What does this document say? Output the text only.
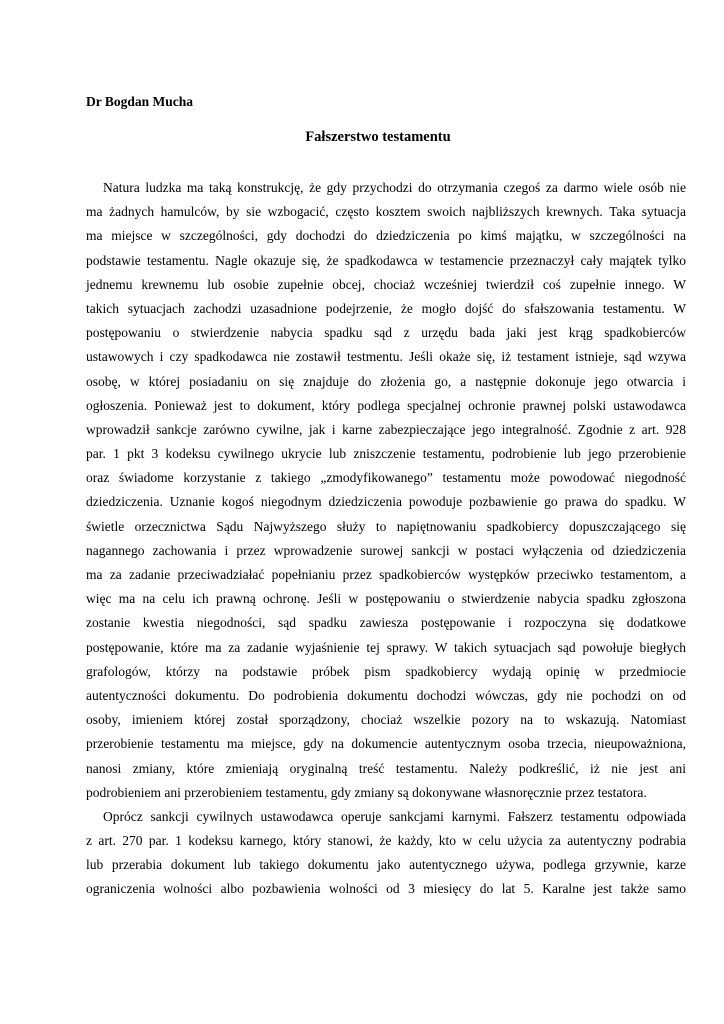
Dr Bogdan Mucha
Fałszerstwo testamentu
Natura ludzka ma taką konstrukcję, że gdy przychodzi do otrzymania czegoś za darmo wiele osób nie
ma żadnych hamulców, by sie wzbogacić, często kosztem swoich najbliższych krewnych. Taka sytuacja
ma miejsce w szczególności, gdy dochodzi do dziedziczenia po kimś majątku, w szczególności na
podstawie testamentu. Nagle okazuje się, że spadkodawca w testamencie przeznaczył cały majątek tylko
jednemu krewnemu lub osobie zupełnie obcej, chociaż wcześniej twierdził coś zupełnie innego. W
takich sytuacjach zachodzi uzasadnione podejrzenie, że mogło dojść do sfałszowania testamentu. W
postępowaniu o stwierdzenie nabycia spadku sąd z urzędu bada jaki jest krąg spadkobierców
ustawowych i czy spadkodawca nie zostawił testmentu. Jeśli okaże się, iż testament istnieje, sąd wzywa
osobę, w której posiadaniu on się znajduje do złożenia go, a następnie dokonuje jego otwarcia i
ogłoszenia. Ponieważ jest to dokument, który podlega specjalnej ochronie prawnej polski ustawodawca
wprowadził sankcje zarówno cywilne, jak i karne zabezpieczające jego integralność. Zgodnie z art. 928
par. 1 pkt 3 kodeksu cywilnego ukrycie lub zniszczenie testamentu, podrobienie lub jego przerobienie
oraz świadome korzystanie z takiego „zmodyfikowanego” testamentu może powodować niegodność
dziedziczenia. Uznanie kogoś niegodnym dziedziczenia powoduje pozbawienie go prawa do spadku. W
świetle orzecznictwa Sądu Najwyższego służy to napiętnowaniu spadkobiercy dopuszczającego się
nagannego zachowania i przez wprowadzenie surowej sankcji w postaci wyłączenia od dziedziczenia
ma za zadanie przeciwadziałać popełnianiu przez spadkobierców występków przeciwko testamentom, a
więc ma na celu ich prawną ochronę. Jeśli w postępowaniu o stwierdzenie nabycia spadku zgłoszona
zostanie kwestia niegodności, sąd spadku zawiesza postępowanie i rozpoczyna się dodatkowe
postępowanie, które ma za zadanie wyjaśnienie tej sprawy. W takich sytuacjach sąd powołuje biegłych
grafologów, którzy na podstawie próbek pism spadkobiercy wydają opinię w przedmiocie
autentyczności dokumentu. Do podrobienia dokumentu dochodzi wówczas, gdy nie pochodzi on od
osoby, imieniem której został sporządzony, chociaż wszelkie pozory na to wskazują. Natomiast
przerobienie testamentu ma miejsce, gdy na dokumencie autentycznym osoba trzecia, nieupoważniona,
nanosi zmiany, które zmieniają oryginalną treść testamentu. Należy podkreślić, iż nie jest ani
podrobieniem ani przerobieniem testamentu, gdy zmiany są dokonywane własnoręcznie przez testatora.
Oprócz sankcji cywilnych ustawodawca operuje sankcjami karnymi. Fałszerz testamentu odpowiada
z art. 270 par. 1 kodeksu karnego, który stanowi, że każdy, kto w celu użycia za autentyczny podrabia
lub przerabia dokument lub takiego dokumentu jako autentycznego używa, podlega grzywnie, karze
ograniczenia wolności albo pozbawienia wolności od 3 miesięcy do lat 5. Karalne jest także samo
